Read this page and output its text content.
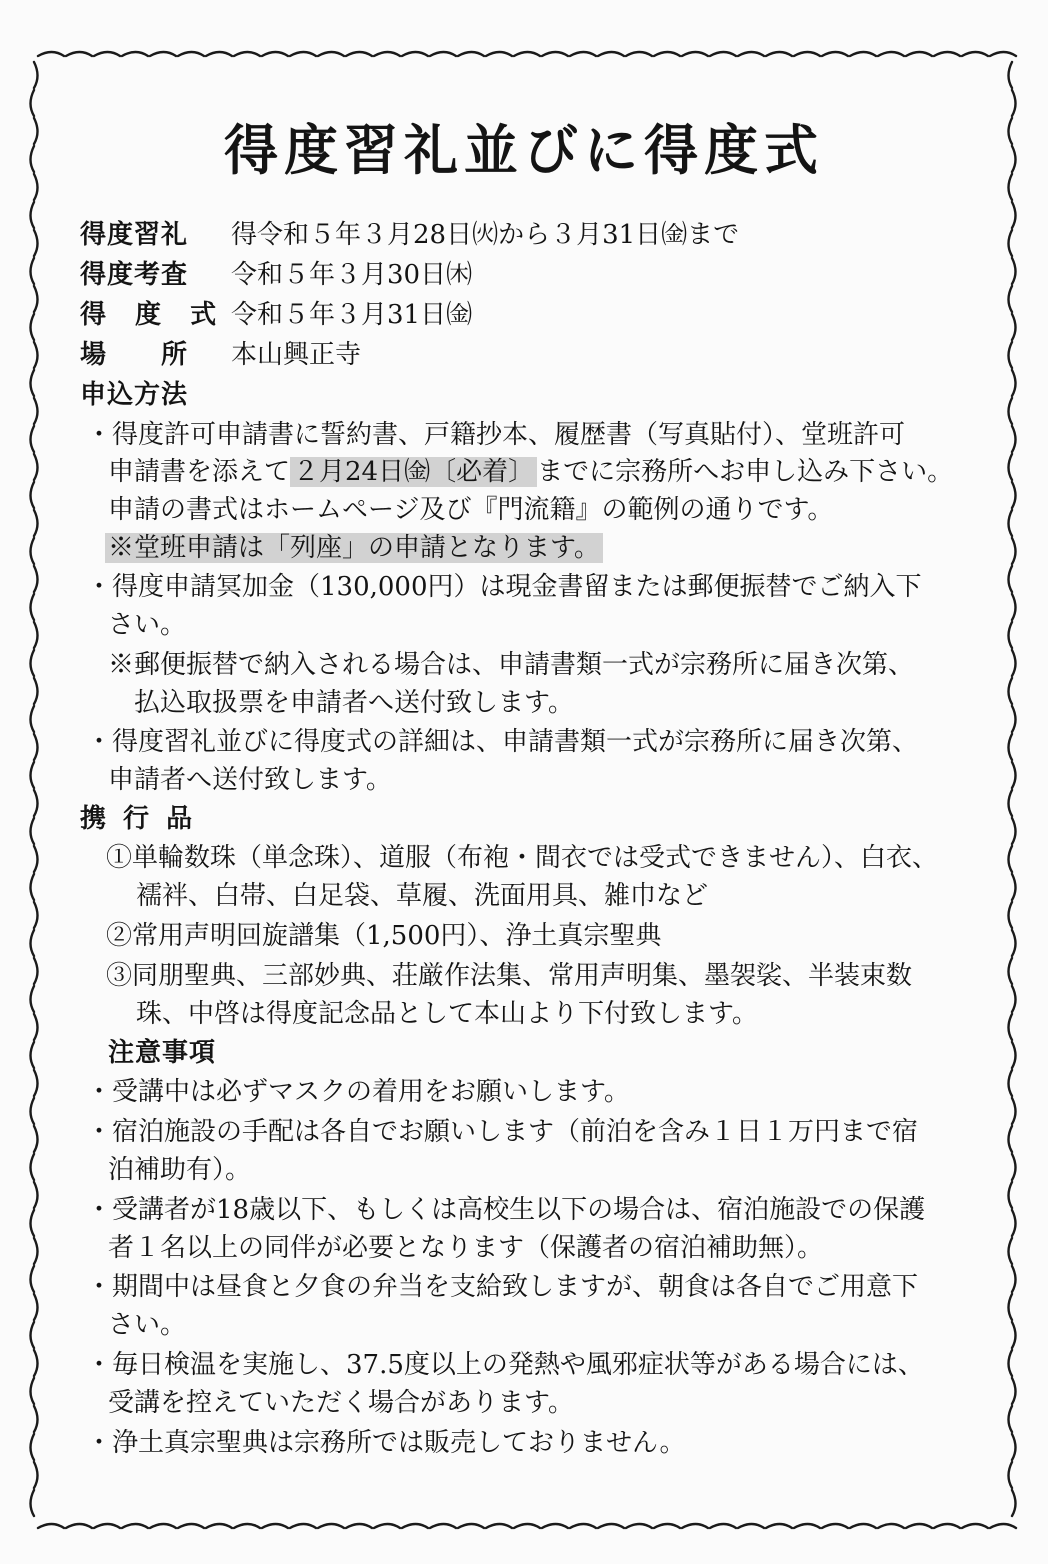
得度習礼並びに得度式
得度習礼 得令和５年３月28日㈫から３月31日㈮まで
得度考査 令和５年３月30日㈭
得 度 式 令和５年３月31日㈮
場　　所 本山興正寺
申込方法
・得度許可申請書に誓約書、戸籍抄本、履歴書（写真貼付）、堂班許可
申請書を添えて ２月24日㈮〔必着〕 までに宗務所へお申し込み下さい。
申請の書式はホームページ及び『門流籍』の範例の通りです。
※堂班申請は「列座」の申請となります。
・得度申請冥加金（130,000円）は現金書留または郵便振替でご納入下
さい。
※郵便振替で納入される場合は、申請書類一式が宗務所に届き次第、
払込取扱票を申請者へ送付致します。
・得度習礼並びに得度式の詳細は、申請書類一式が宗務所に届き次第、
申請者へ送付致します。
携 行 品
①単輪数珠（単念珠）、道服（布袍・間衣では受式できません）、白衣、
襦袢、白帯、白足袋、草履、洗面用具、雑巾など
②常用声明回旋譜集（1,500円）、浄土真宗聖典
③同朋聖典、三部妙典、荘厳作法集、常用声明集、墨袈裟、半装束数
珠、中啓は得度記念品として本山より下付致します。
注意事項
・受講中は必ずマスクの着用をお願いします。
・宿泊施設の手配は各自でお願いします（前泊を含み１日１万円まで宿
泊補助有）。
・受講者が18歳以下、もしくは高校生以下の場合は、宿泊施設での保護
者１名以上の同伴が必要となります（保護者の宿泊補助無）。
・期間中は昼食と夕食の弁当を支給致しますが、朝食は各自でご用意下
さい。
・毎日検温を実施し、37.5度以上の発熱や風邪症状等がある場合には、
受講を控えていただく場合があります。
・浄土真宗聖典は宗務所では販売しておりません。
